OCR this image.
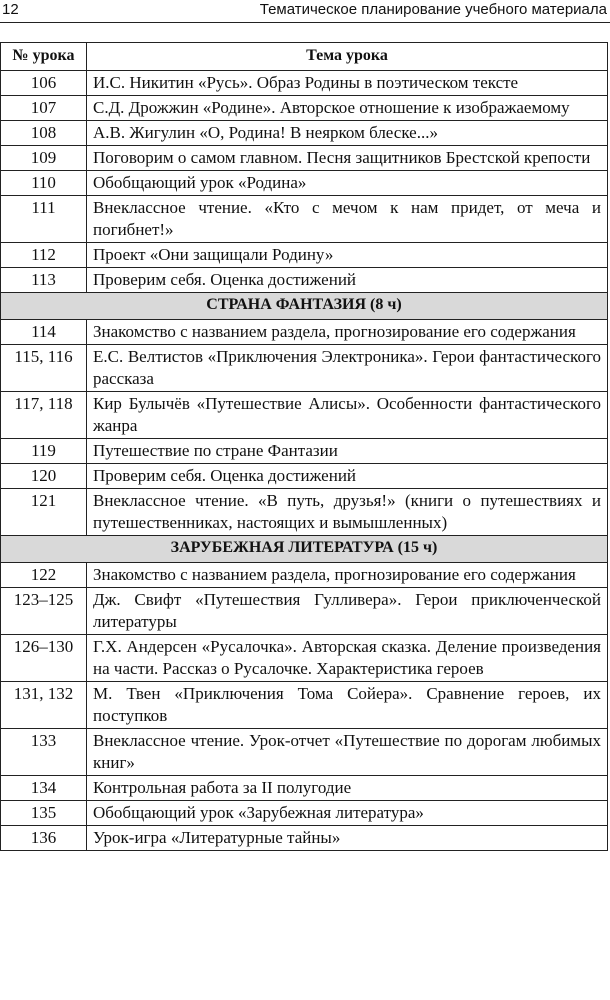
12	Тематическое планирование учебного материала
№ урока	Тема урока
106	И.С. Никитин «Русь». Образ Родины в поэтическом тексте
107	С.Д. Дрожжин «Родине». Авторское отношение к изображаемому
108	А.В. Жигулин «О, Родина! В неярком блеске...»
109	Поговорим о самом главном. Песня защитников Брестской крепости
110	Обобщающий урок «Родина»
111	Внеклассное чтение. «Кто с мечом к нам придет, от меча и погибнет!»
112	Проект «Они защищали Родину»
113	Проверим себя. Оценка достижений
СТРАНА ФАНТАЗИЯ (8 ч)	
114	Знакомство с названием раздела, прогнозирование его содержания
115, 116	Е.С. Велтистов «Приключения Электроника». Герои фантастического рассказа
117, 118	Кир Булычёв «Путешествие Алисы». Особенности фантастического жанра
119	Путешествие по стране Фантазии
120	Проверим себя. Оценка достижений
121	Внеклассное чтение. «В путь, друзья!» (книги о путешествиях и путешественниках, настоящих и вымышленных)
ЗАРУБЕЖНАЯ ЛИТЕРАТУРА (15 ч)	
122	Знакомство с названием раздела, прогнозирование его содержания
123–125	Дж. Свифт «Путешествия Гулливера». Герои приключенческой литературы
126–130	Г.Х. Андерсен «Русалочка». Авторская сказка. Деление произведения на части. Рассказ о Русалочке. Характеристика героев
131, 132	М. Твен «Приключения Тома Сойера». Сравнение героев, их поступков
133	Внеклассное чтение. Урок-отчет «Путешествие по дорогам любимых книг»
134	Контрольная работа за II полугодие
135	Обобщающий урок «Зарубежная литература»
136	Урок-игра «Литературные тайны»
